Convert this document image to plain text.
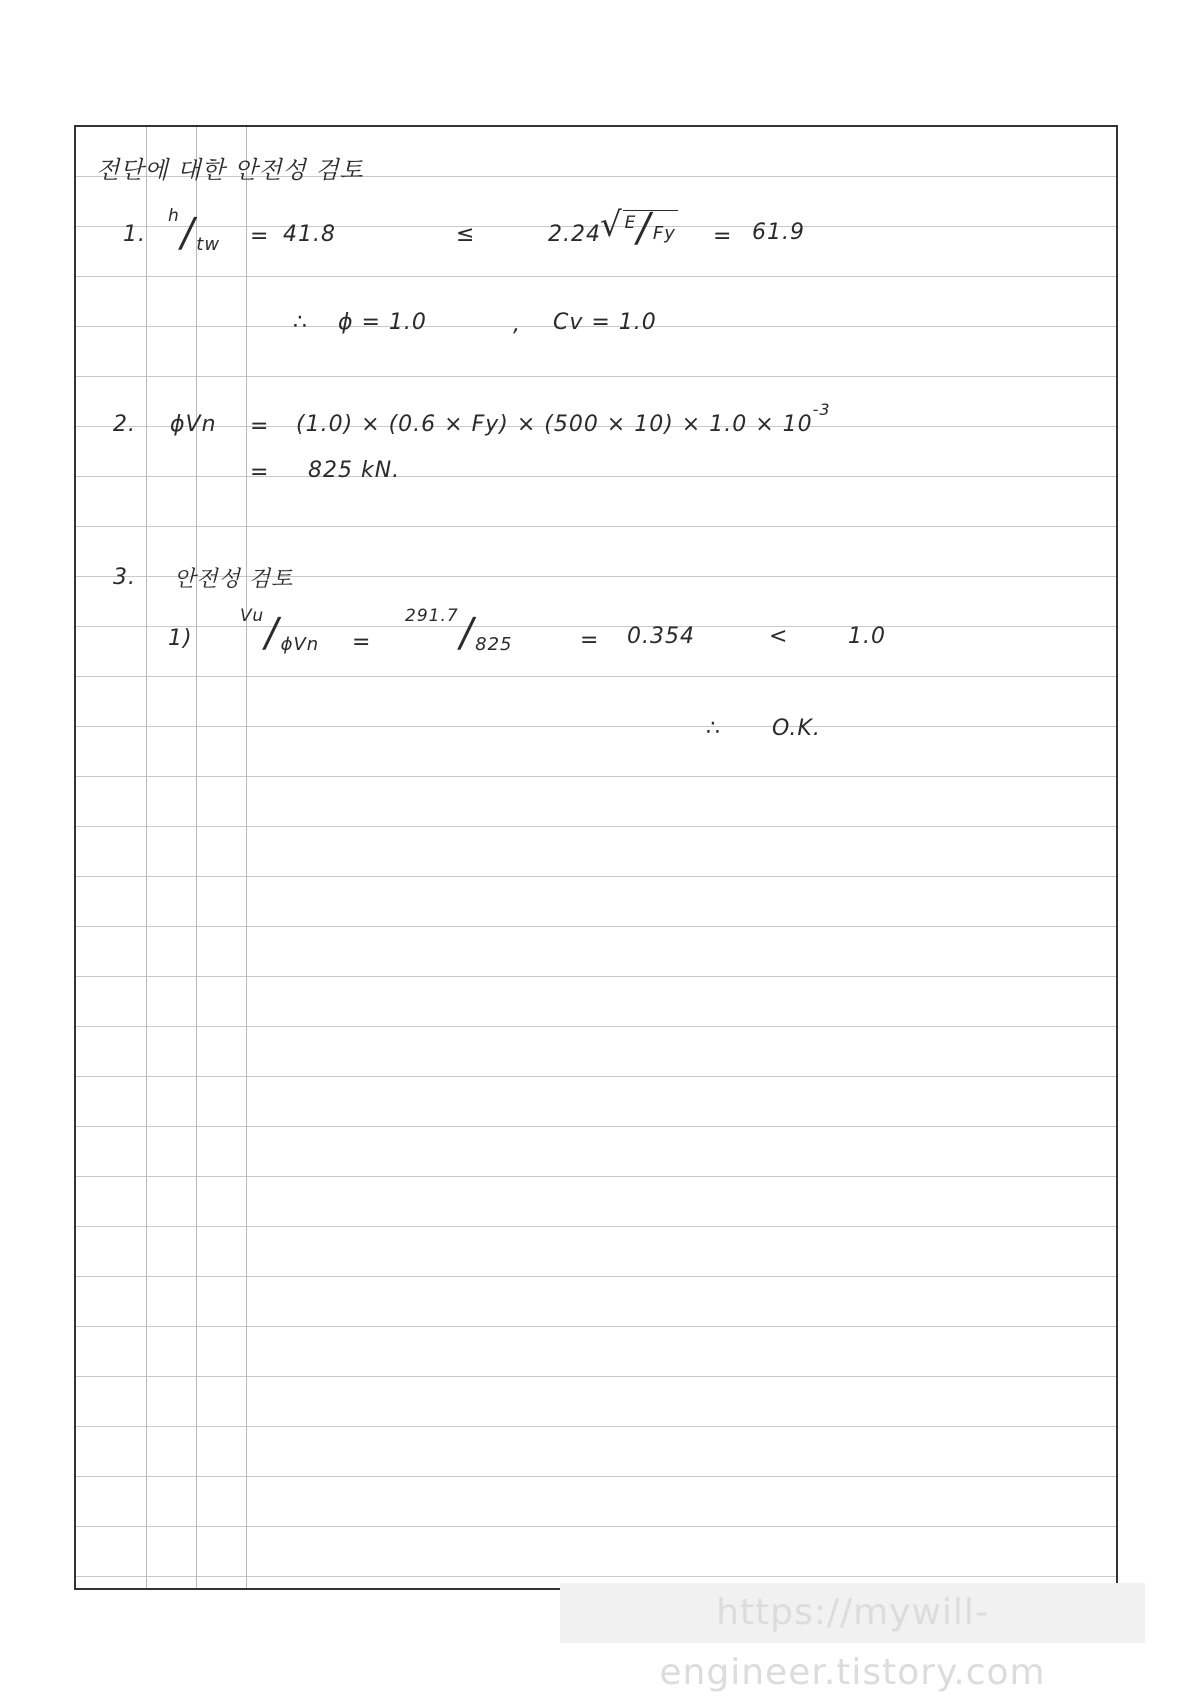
전단에 대한 안전성 검토
1.
h
/
tw = 41.8	≤	2.24 √ E
/
Fy = 61.9
∴ ϕ = 1.0	, Cv = 1.0
2. $\phi Vn = (1.0) \times (0.6 \times Fy) \times (500 \times 10) \times 1.0 \times 10^{-3}$
= 825 kN.
3. 안전성 검토
1)
Vu
/
ϕVn =
291.7
/
825	= 0.354	<	1.0
∴ O.K.
https://mywill-engineer.tistory.com
